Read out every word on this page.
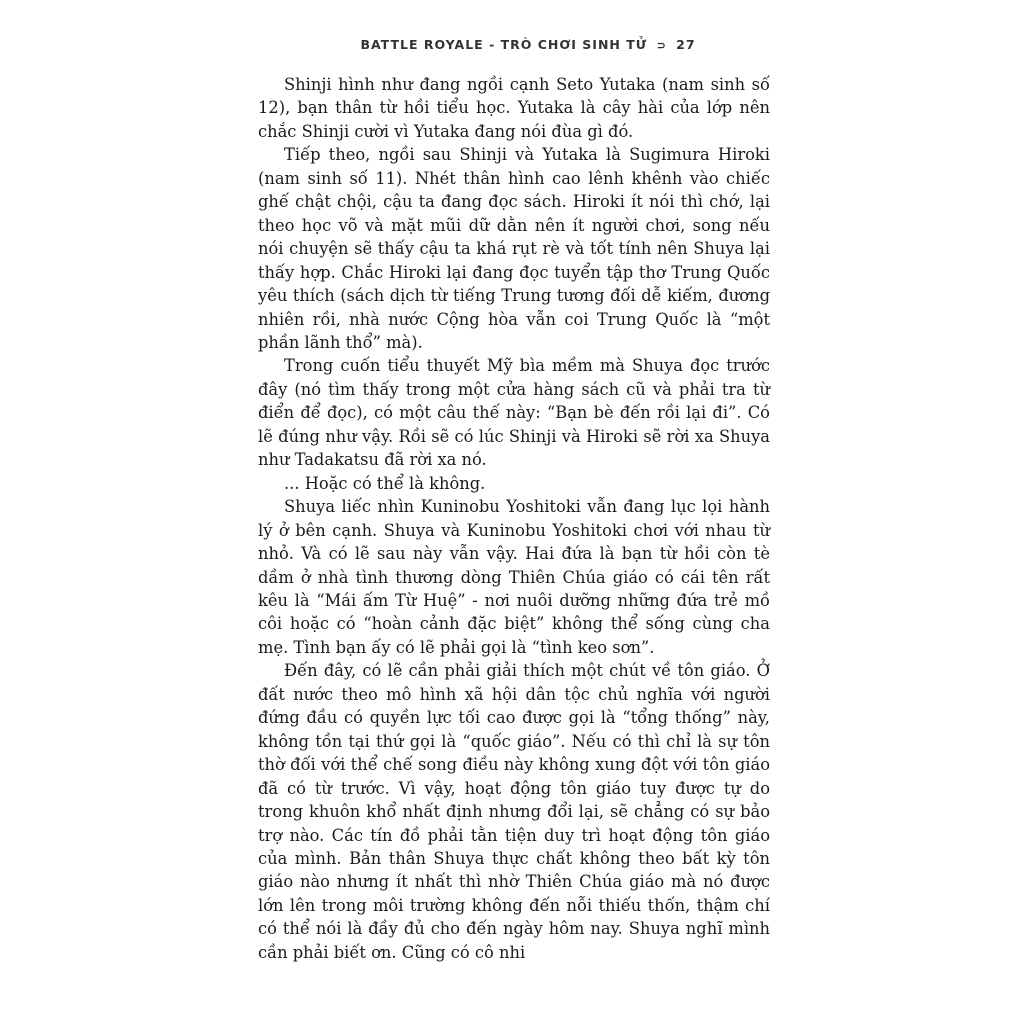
BATTLE ROYALE - TRÒ CHƠI SINH TỬ ⊃ 27

Shinji hình như đang ngồi cạnh Seto Yutaka (nam sinh số 12), bạn thân từ hồi tiểu học. Yutaka là cây hài của lớp nên chắc Shinji cười vì Yutaka đang nói đùa gì đó.

Tiếp theo, ngồi sau Shinji và Yutaka là Sugimura Hiroki (nam sinh số 11). Nhét thân hình cao lênh khênh vào chiếc ghế chật chội, cậu ta đang đọc sách. Hiroki ít nói thì chớ, lại theo học võ và mặt mũi dữ dằn nên ít người chơi, song nếu nói chuyện sẽ thấy cậu ta khá rụt rè và tốt tính nên Shuya lại thấy hợp. Chắc Hiroki lại đang đọc tuyển tập thơ Trung Quốc yêu thích (sách dịch từ tiếng Trung tương đối dễ kiếm, đương nhiên rồi, nhà nước Cộng hòa vẫn coi Trung Quốc là “một phần lãnh thổ” mà).

Trong cuốn tiểu thuyết Mỹ bìa mềm mà Shuya đọc trước đây (nó tìm thấy trong một cửa hàng sách cũ và phải tra từ điển để đọc), có một câu thế này: “Bạn bè đến rồi lại đi”. Có lẽ đúng như vậy. Rồi sẽ có lúc Shinji và Hiroki sẽ rời xa Shuya như Tadakatsu đã rời xa nó.

... Hoặc có thể là không.

Shuya liếc nhìn Kuninobu Yoshitoki vẫn đang lục lọi hành lý ở bên cạnh. Shuya và Kuninobu Yoshitoki chơi với nhau từ nhỏ. Và có lẽ sau này vẫn vậy. Hai đứa là bạn từ hồi còn tè dầm ở nhà tình thương dòng Thiên Chúa giáo có cái tên rất kêu là “Mái ấm Từ Huệ” - nơi nuôi dưỡng những đứa trẻ mồ côi hoặc có “hoàn cảnh đặc biệt” không thể sống cùng cha mẹ. Tình bạn ấy có lẽ phải gọi là “tình keo sơn”.

Đến đây, có lẽ cần phải giải thích một chút về tôn giáo. Ở đất nước theo mô hình xã hội dân tộc chủ nghĩa với người đứng đầu có quyền lực tối cao được gọi là “tổng thống” này, không tồn tại thứ gọi là “quốc giáo”. Nếu có thì chỉ là sự tôn thờ đối với thể chế song điều này không xung đột với tôn giáo đã có từ trước. Vì vậy, hoạt động tôn giáo tuy được tự do trong khuôn khổ nhất định nhưng đổi lại, sẽ chẳng có sự bảo trợ nào. Các tín đồ phải tằn tiện duy trì hoạt động tôn giáo của mình. Bản thân Shuya thực chất không theo bất kỳ tôn giáo nào nhưng ít nhất thì nhờ Thiên Chúa giáo mà nó được lớn lên trong môi trường không đến nỗi thiếu thốn, thậm chí có thể nói là đầy đủ cho đến ngày hôm nay. Shuya nghĩ mình cần phải biết ơn. Cũng có cô nhi
